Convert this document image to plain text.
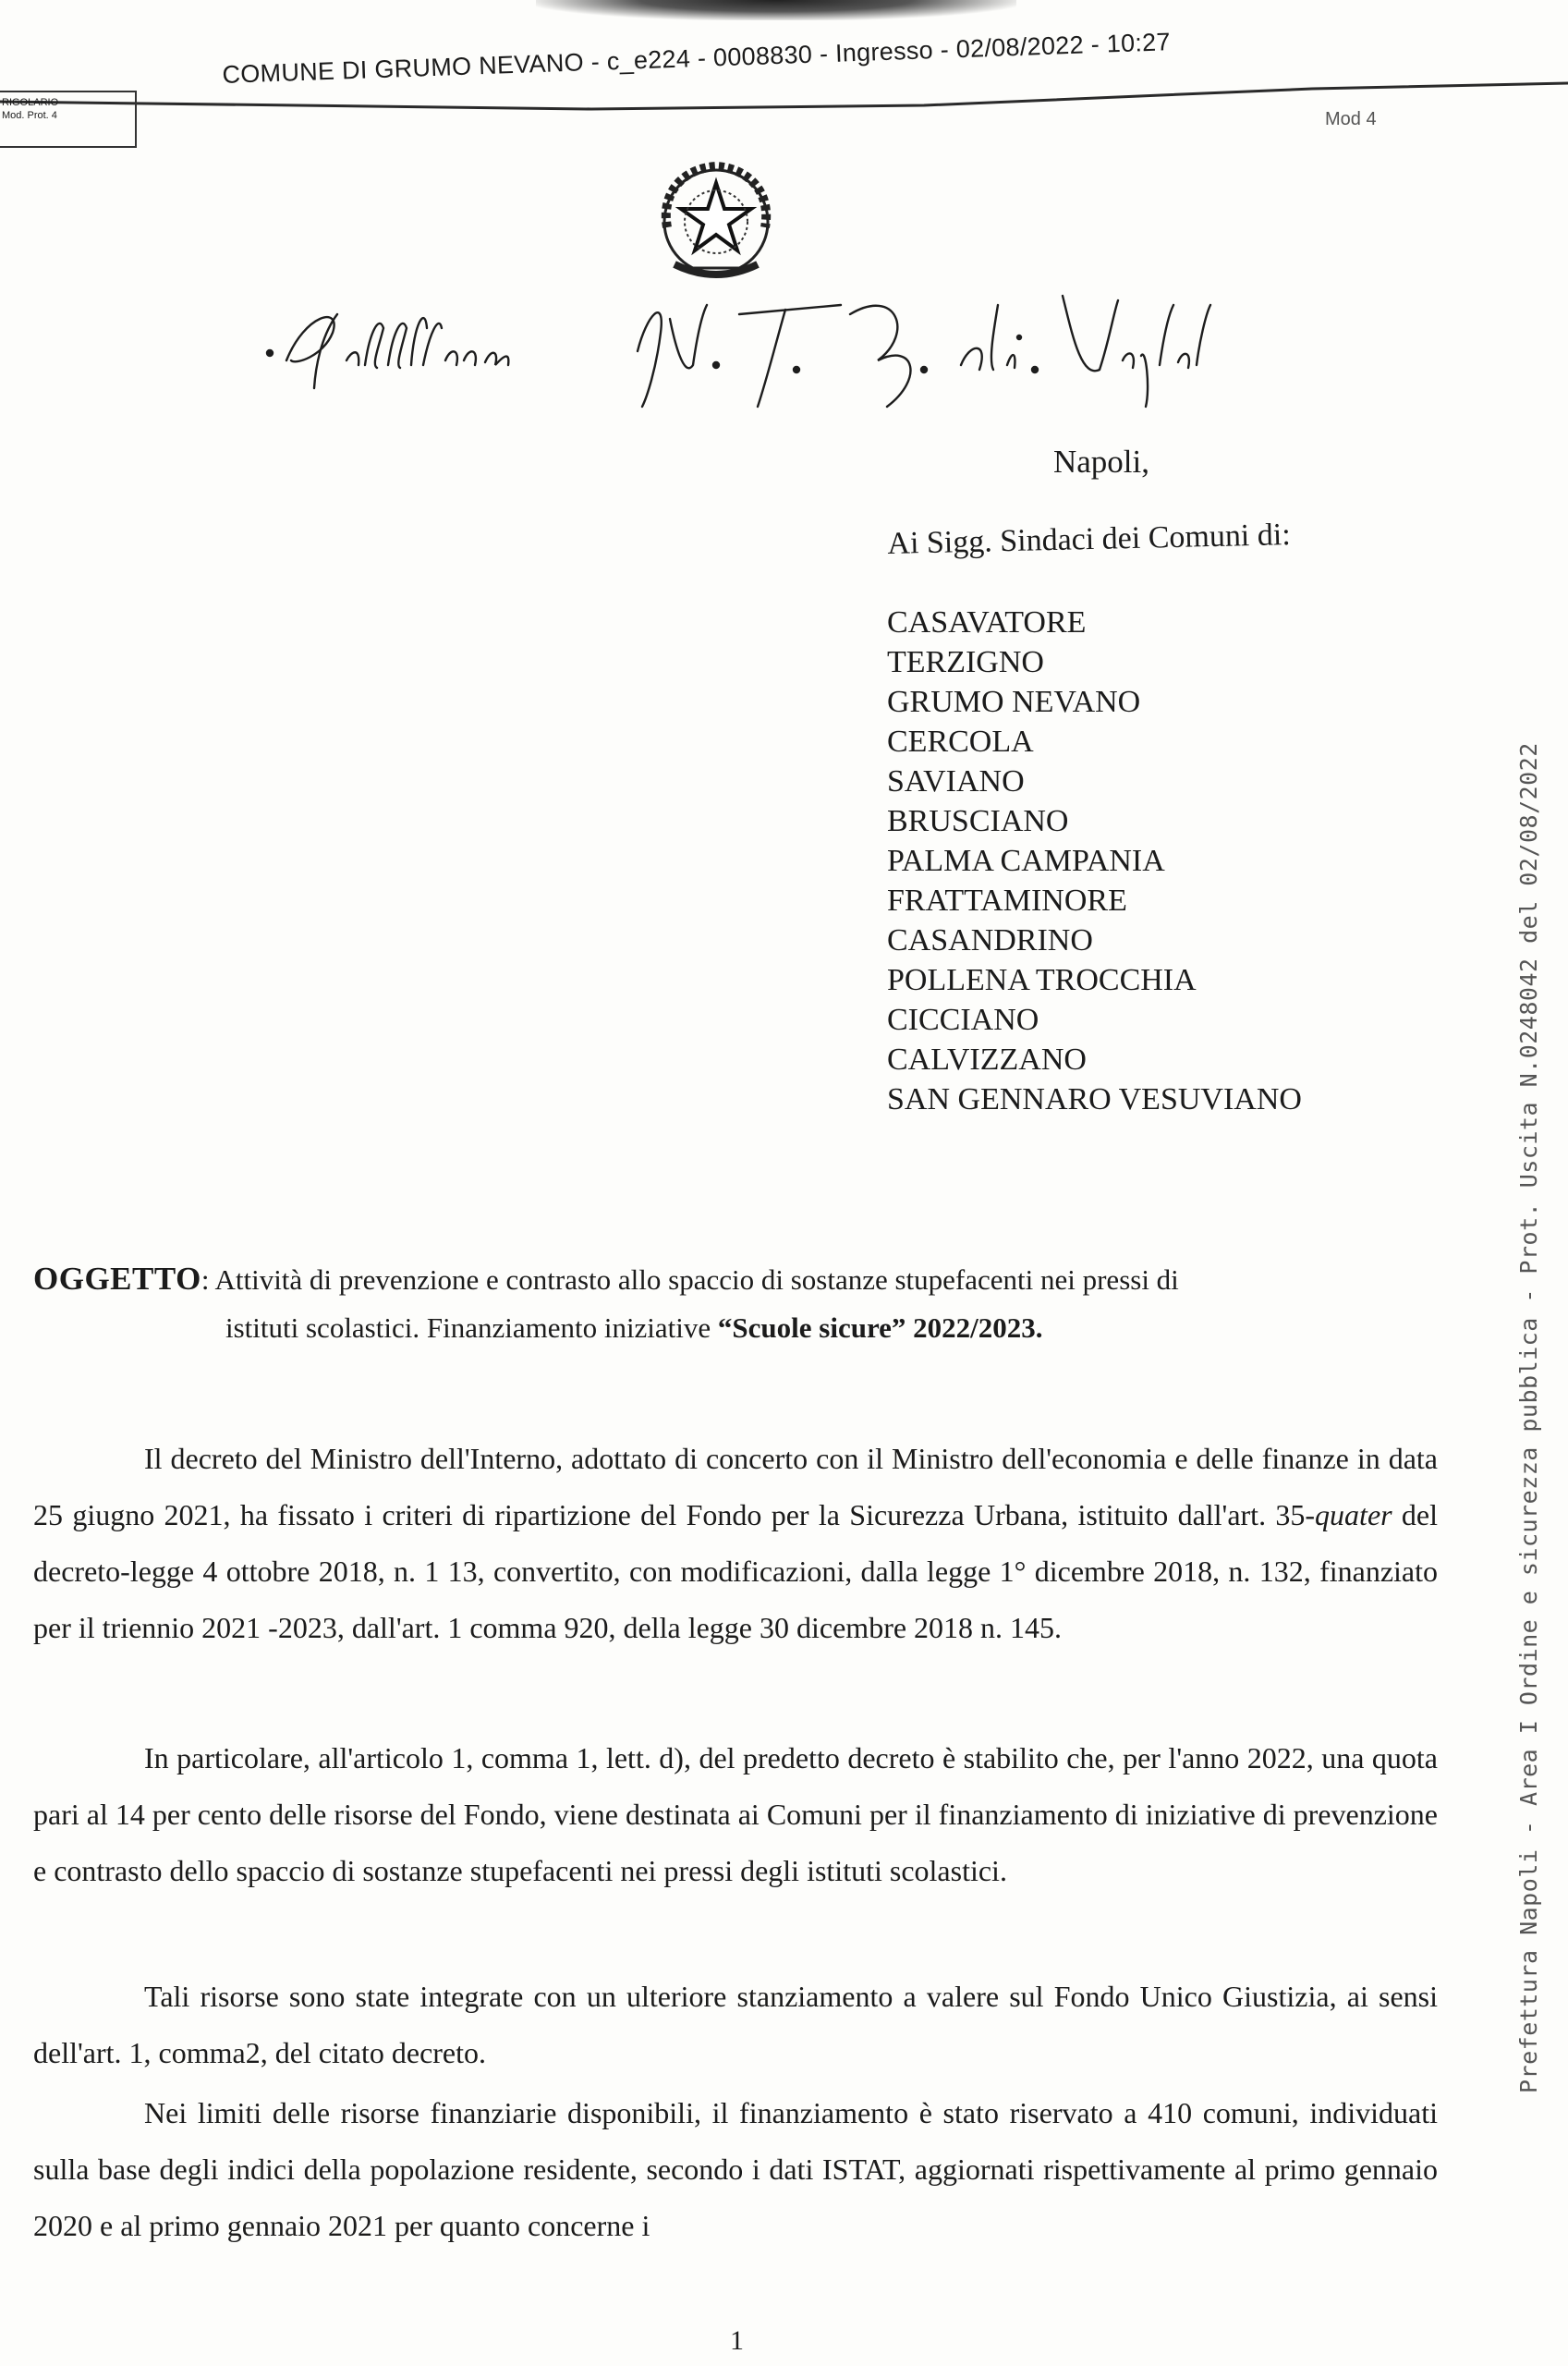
COMUNE DI GRUMO NEVANO - c_e224 - 0008830 - Ingresso - 02/08/2022 - 10:27
RIGOLARIO
Mod. Prot. 4	Mod 4
Napoli,
Ai Sigg. Sindaci dei Comuni di:
CASAVATORE
TERZIGNO
GRUMO NEVANO
CERCOLA
SAVIANO
BRUSCIANO
PALMA CAMPANIA
FRATTAMINORE
CASANDRINO
POLLENA TROCCHIA
CICCIANO
CALVIZZANO
SAN GENNARO VESUVIANO	Prefettura Napoli - Area I Ordine e sicurezza pubblica - Prot. Uscita N.0248042 del 02/08/2022
OGGETTO: Attività di prevenzione e contrasto allo spaccio di sostanze stupefacenti nei pressi di
istituti scolastici. Finanziamento iniziative “Scuole sicure” 2022/2023.
Il decreto del Ministro dell'Interno, adottato di concerto con il Ministro dell'economia e delle finanze in data 25 giugno 2021, ha fissato i criteri di ripartizione del Fondo per la Sicurezza Urbana, istituito dall'art. 35-quater del decreto-legge 4 ottobre 2018, n. 1 13, convertito, con modificazioni, dalla legge 1° dicembre 2018, n. 132, finanziato per il triennio 2021 -2023, dall'art. 1 comma 920, della legge 30 dicembre 2018 n. 145.
In particolare, all'articolo 1, comma 1, lett. d), del predetto decreto è stabilito che, per l'anno 2022, una quota pari al 14 per cento delle risorse del Fondo, viene destinata ai Comuni per il finanziamento di iniziative di prevenzione e contrasto dello spaccio di sostanze stupefacenti nei pressi degli istituti scolastici.
Tali risorse sono state integrate con un ulteriore stanziamento a valere sul Fondo Unico Giustizia, ai sensi dell'art. 1, comma2, del citato decreto.
Nei limiti delle risorse finanziarie disponibili, il finanziamento è stato riservato a 410 comuni, individuati sulla base degli indici della popolazione residente, secondo i dati ISTAT, aggiornati rispettivamente al primo gennaio 2020 e al primo gennaio 2021 per quanto concerne i
1
